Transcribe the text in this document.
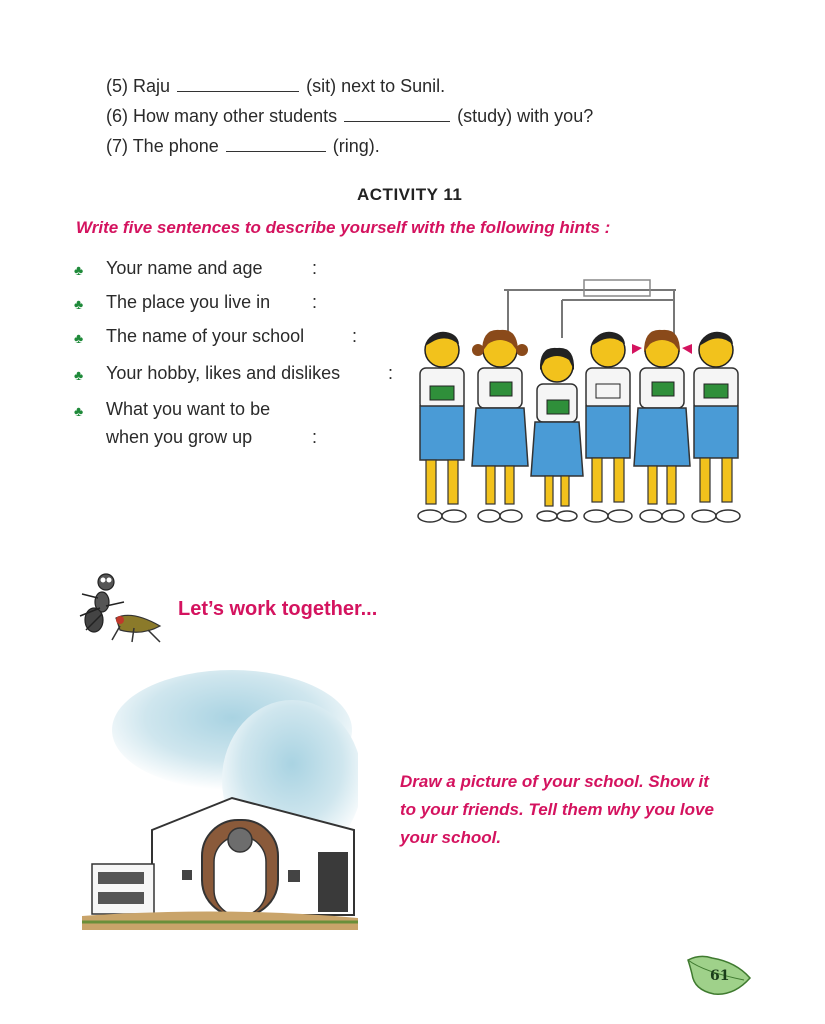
(5) Raju	(sit) next to Sunil.
(6) How many other students	(study) with you?
(7) The phone	(ring).
ACTIVITY 11
Write five sentences to describe yourself with the following hints :
♣ Your name and age	:
♣ The place you live in :
♣ The name of your school	:
♣ Your hobby, likes and dislikes	:
♣ What you want to be
when you grow up	:
Let’s work together...
Draw a picture of your school. Show it
to your friends. Tell them why you love
your school.
61
